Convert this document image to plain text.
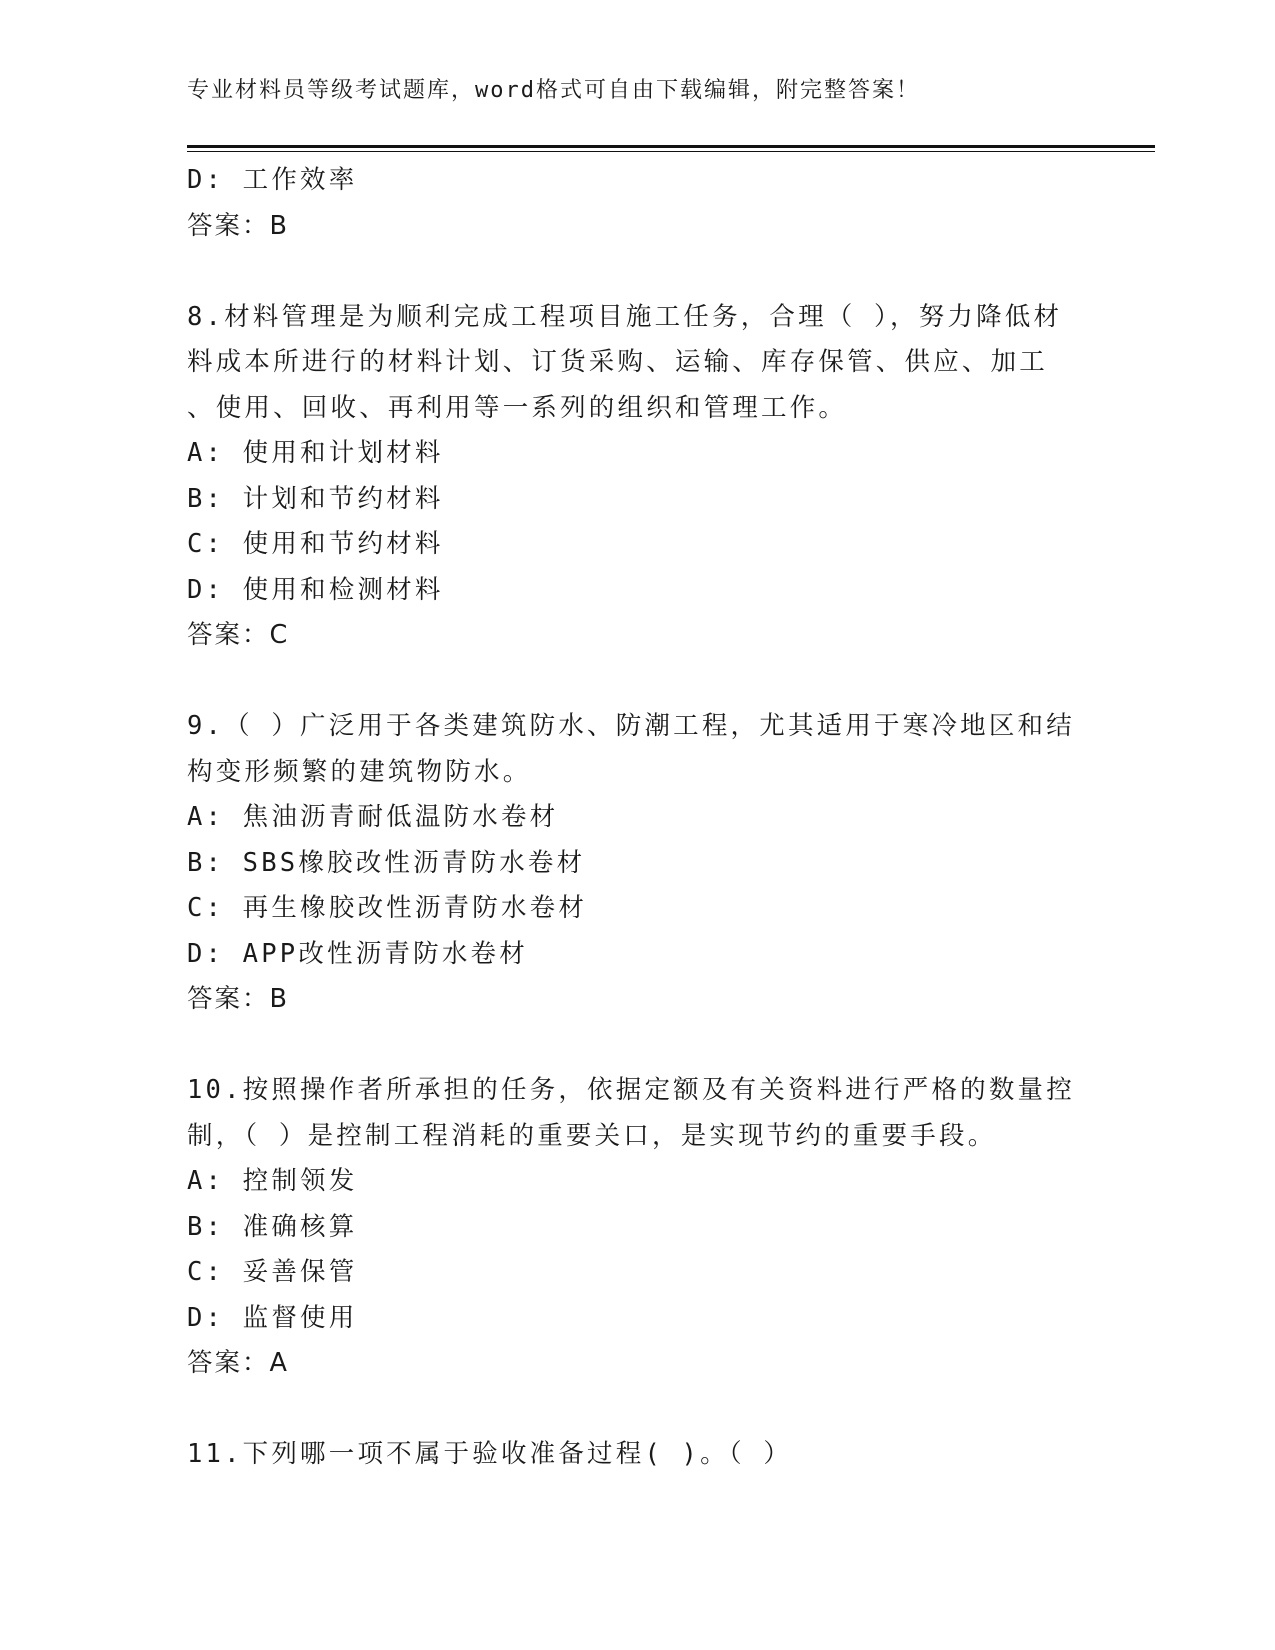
专业材料员等级考试题库，word格式可自由下载编辑，附完整答案！
D: 工作效率
答案：B
8.材料管理是为顺利完成工程项目施工任务，合理（ ），努力降低材
料成本所进行的材料计划、订货采购、运输、库存保管、供应、加工
、使用、回收、再利用等一系列的组织和管理工作。
A: 使用和计划材料
B: 计划和节约材料
C: 使用和节约材料
D: 使用和检测材料
答案：C
9.（ ）广泛用于各类建筑防水、防潮工程，尤其适用于寒冷地区和结
构变形频繁的建筑物防水。
A: 焦油沥青耐低温防水卷材
B: SBS橡胶改性沥青防水卷材
C: 再生橡胶改性沥青防水卷材
D: APP改性沥青防水卷材
答案：B
10.按照操作者所承担的任务，依据定额及有关资料进行严格的数量控
制，（ ）是控制工程消耗的重要关口，是实现节约的重要手段。
A: 控制领发
B: 准确核算
C: 妥善保管
D: 监督使用
答案：A
11.下列哪一项不属于验收准备过程( )。（ ）
